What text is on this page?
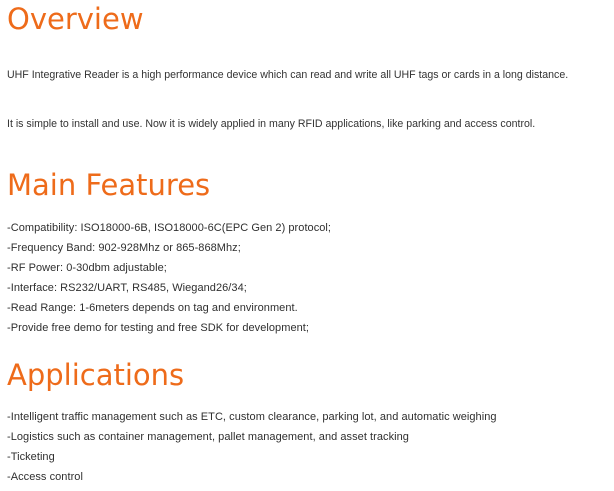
Overview

UHF Integrative Reader is a high performance device which can read and write all UHF tags or cards in a long distance.

It is simple to install and use. Now it is widely applied in many RFID applications, like parking and access control.

Main Features
-Compatibility: ISO18000-6B, ISO18000-6C(EPC Gen 2) protocol;
-Frequency Band: 902-928Mhz or 865-868Mhz;
-RF Power: 0-30dbm adjustable;
-Interface: RS232/UART, RS485, Wiegand26/34;
-Read Range: 1-6meters depends on tag and environment.
-Provide free demo for testing and free SDK for development;
Applications
-Intelligent traffic management such as ETC, custom clearance, parking lot, and automatic weighing
-Logistics such as container management, pallet management, and asset tracking
-Ticketing
-Access control
